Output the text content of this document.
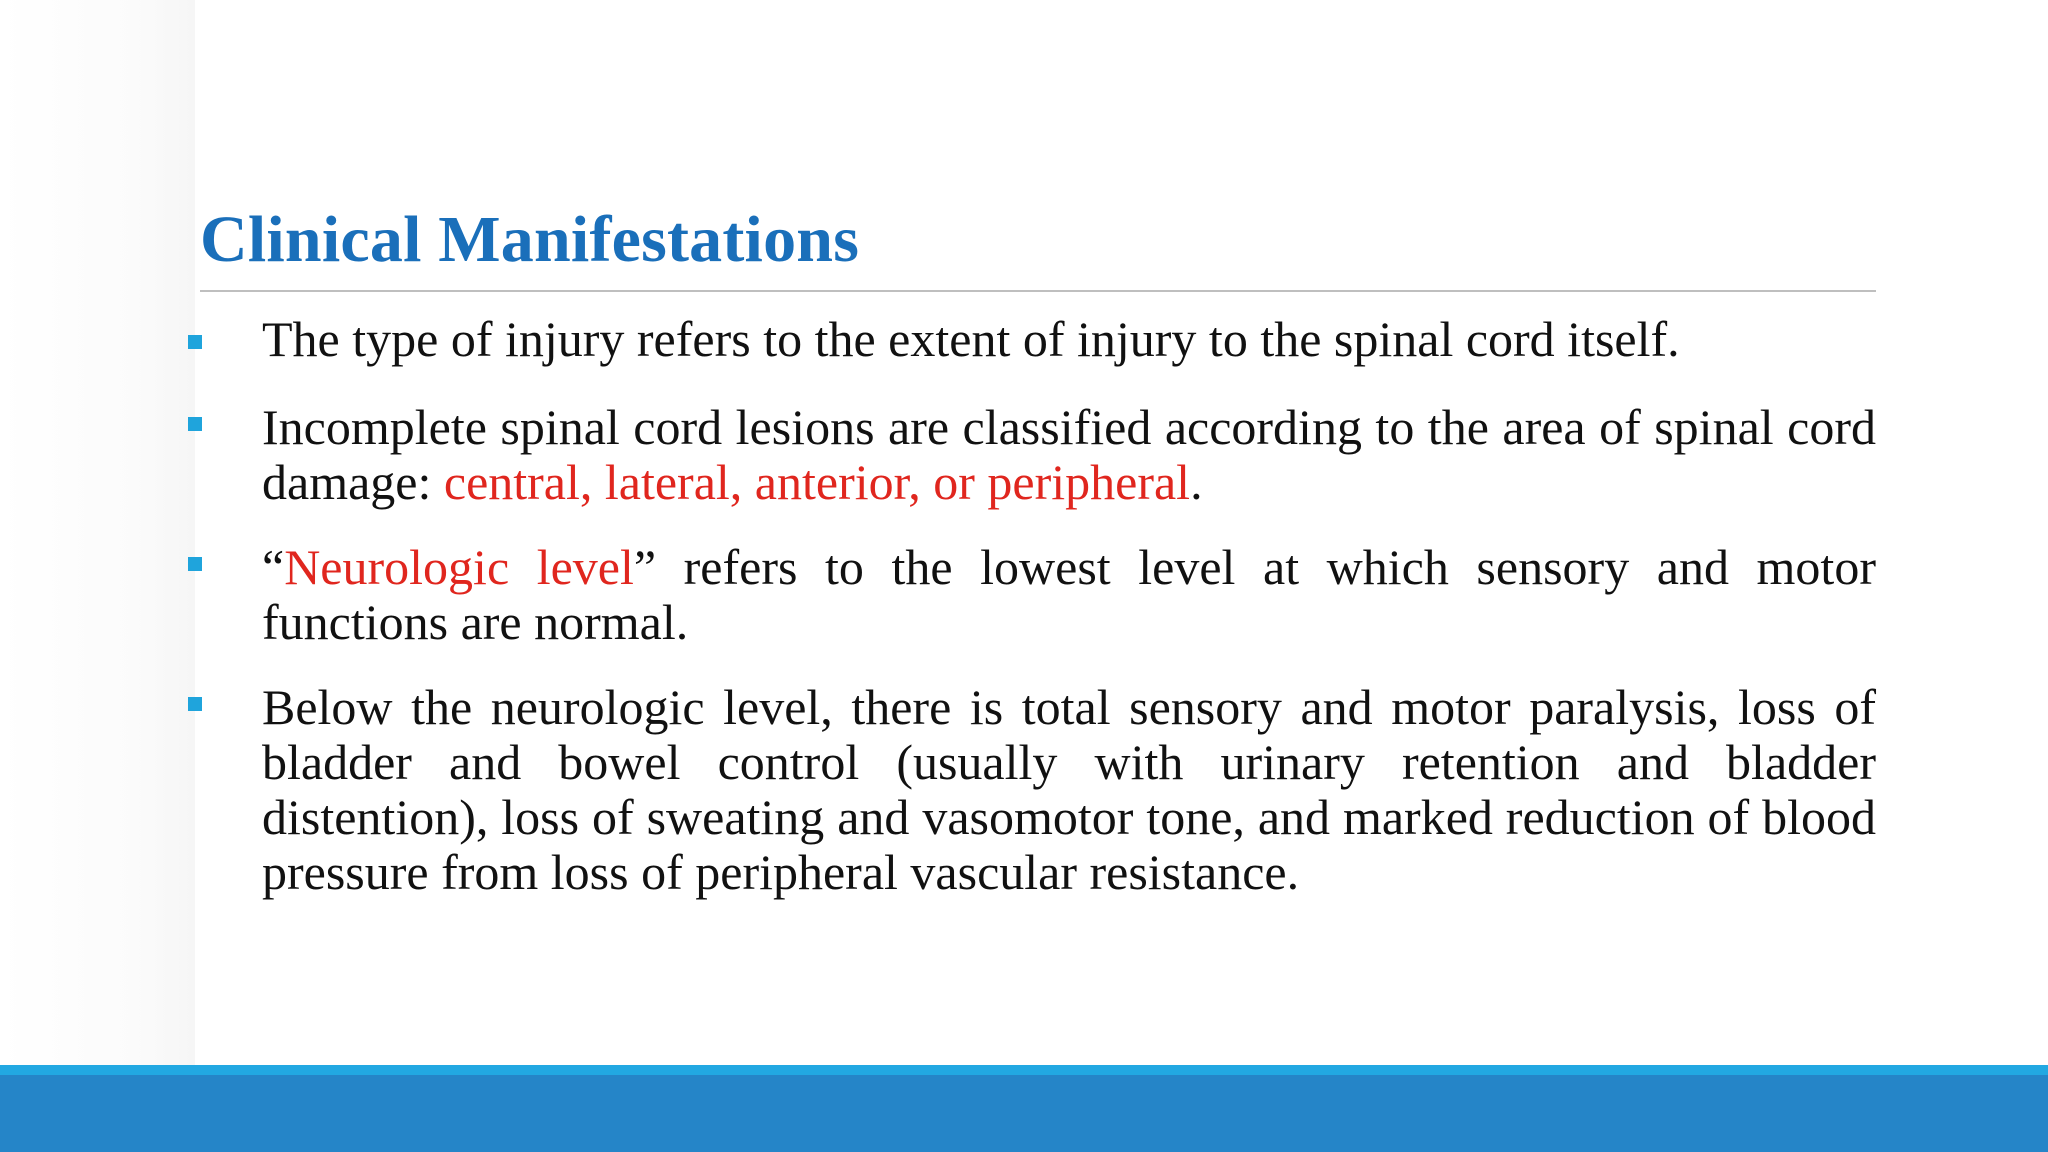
Clinical Manifestations
The type of injury refers to the extent of injury to the spinal cord itself.
Incomplete spinal cord lesions are classified according to the area of spinal cord damage: central, lateral, anterior, or peripheral.
“Neurologic level” refers to the lowest level at which sensory and motor functions are normal.
Below the neurologic level, there is total sensory and motor paralysis, loss of bladder and bowel control (usually with urinary retention and bladder distention), loss of sweating and vasomotor tone, and marked reduction of blood pressure from loss of peripheral vascular resistance.
